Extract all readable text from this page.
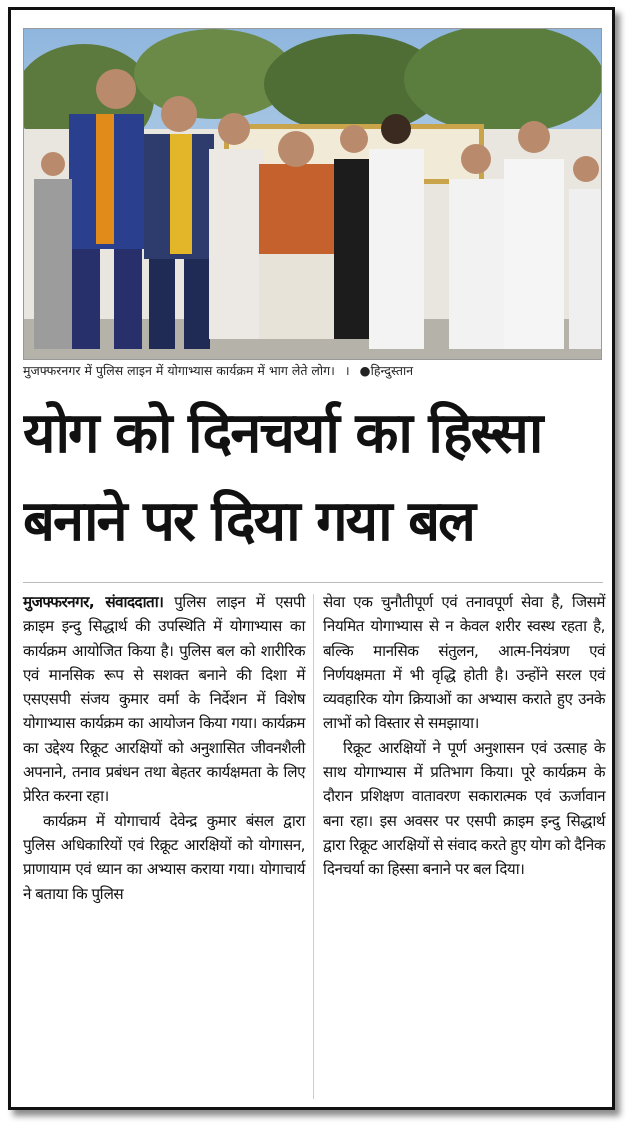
मुजफ्फरनगर में पुलिस लाइन में योगाभ्यास कार्यक्रम में भाग लेते लोग। । ●हिन्दुस्तान
योग को दिनचर्या का हिस्सा
बनाने पर दिया गया बल

मुजफ्फरनगर, संवाददाता। पुलिस लाइन में एसपी क्राइम इन्दु सिद्धार्थ की उपस्थिति में योगाभ्यास का कार्यक्रम आयोजित किया है। पुलिस बल को शारीरिक एवं मानसिक रूप से सशक्त बनाने की दिशा में एसएसपी संजय कुमार वर्मा के निर्देशन में विशेष योगाभ्यास कार्यक्रम का आयोजन किया गया। कार्यक्रम का उद्देश्य रिक्रूट आरक्षियों को अनुशासित जीवनशैली अपनाने, तनाव प्रबंधन तथा बेहतर कार्यक्षमता के लिए प्रेरित करना रहा।

कार्यक्रम में योगाचार्य देवेन्द्र कुमार बंसल द्वारा पुलिस अधिकारियों एवं रिक्रूट आरक्षियों को योगासन, प्राणायाम एवं ध्यान का अभ्यास कराया गया। योगाचार्य ने बताया कि पुलिस

सेवा एक चुनौतीपूर्ण एवं तनावपूर्ण सेवा है, जिसमें नियमित योगाभ्यास से न केवल शरीर स्वस्थ रहता है, बल्कि मानसिक संतुलन, आत्म-नियंत्रण एवं निर्णयक्षमता में भी वृद्धि होती है। उन्होंने सरल एवं व्यवहारिक योग क्रियाओं का अभ्यास कराते हुए उनके लाभों को विस्तार से समझाया।

रिक्रूट आरक्षियों ने पूर्ण अनुशासन एवं उत्साह के साथ योगाभ्यास में प्रतिभाग किया। पूरे कार्यक्रम के दौरान प्रशिक्षण वातावरण सकारात्मक एवं ऊर्जावान बना रहा। इस अवसर पर एसपी क्राइम इन्दु सिद्धार्थ द्वारा रिक्रूट आरक्षियों से संवाद करते हुए योग को दैनिक दिनचर्या का हिस्सा बनाने पर बल दिया।
